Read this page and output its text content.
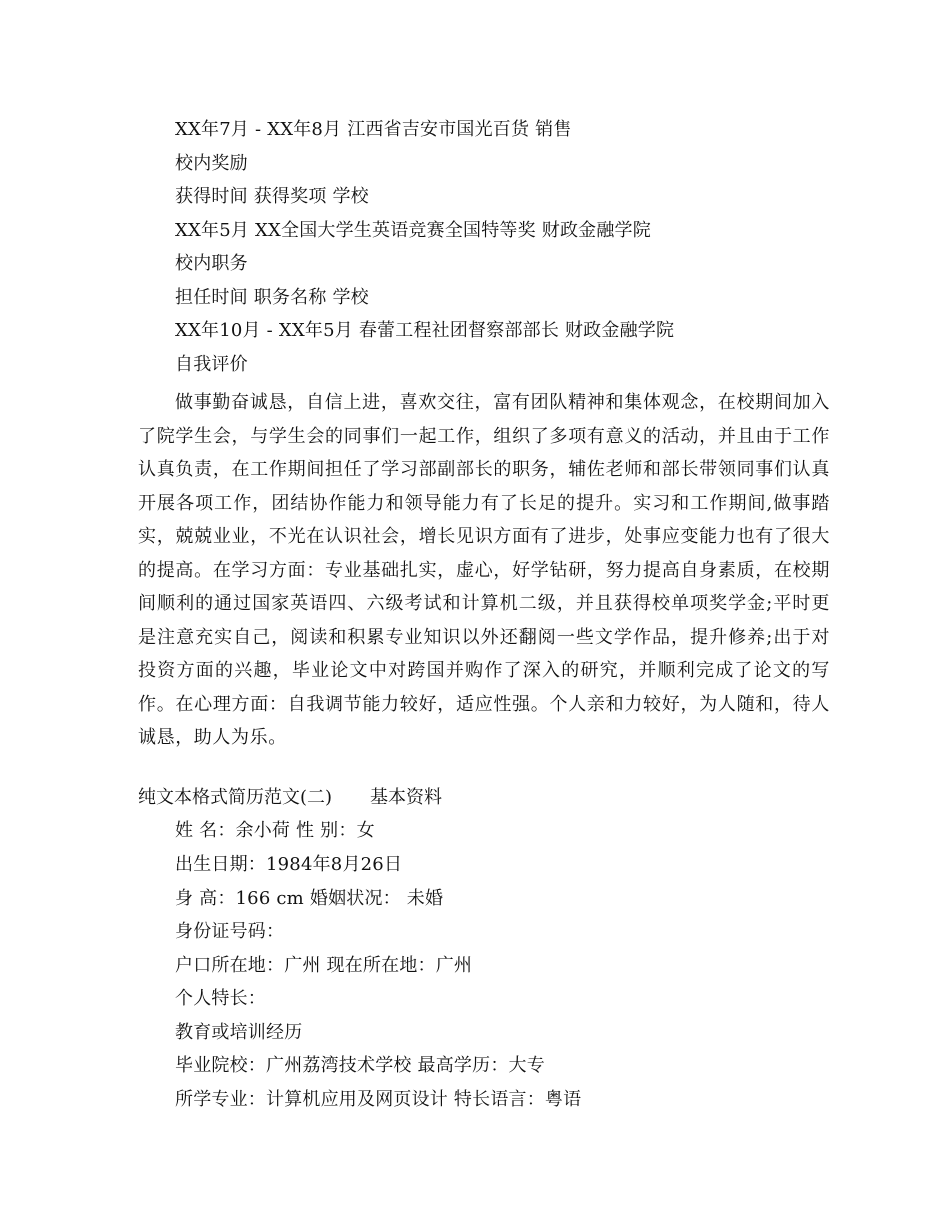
XX年7月 - XX年8月 江西省吉安市国光百货 销售
校内奖励
获得时间 获得奖项 学校
XX年5月 XX全国大学生英语竞赛全国特等奖 财政金融学院
校内职务
担任时间 职务名称 学校
XX年10月 - XX年5月 春蕾工程社团督察部部长 财政金融学院
自我评价
做事勤奋诚恳，自信上进，喜欢交往，富有团队精神和集体观念，在校期间加入了院学生会，与学生会的同事们一起工作，组织了多项有意义的活动，并且由于工作认真负责，在工作期间担任了学习部副部长的职务，辅佐老师和部长带领同事们认真开展各项工作，团结协作能力和领导能力有了长足的提升。实习和工作期间,做事踏实，兢兢业业，不光在认识社会，增长见识方面有了进步，处事应变能力也有了很大的提高。在学习方面：专业基础扎实，虚心，好学钻研，努力提高自身素质，在校期间顺利的通过国家英语四、六级考试和计算机二级，并且获得校单项奖学金;平时更是注意充实自己，阅读和积累专业知识以外还翻阅一些文学作品，提升修养;出于对投资方面的兴趣，毕业论文中对跨国并购作了深入的研究，并顺利完成了论文的写作。在心理方面：自我调节能力较好，适应性强。个人亲和力较好，为人随和，待人诚恳，助人为乐。
纯文本格式简历范文(二) 基本资料
姓 名：余小荷 性 别：女
出生日期：1984年8月26日
身 高：166 cm 婚姻状况： 未婚
身份证号码：
户口所在地：广州 现在所在地：广州
个人特长：
教育或培训经历
毕业院校：广州荔湾技术学校 最高学历：大专
所学专业：计算机应用及网页设计 特长语言：粤语
